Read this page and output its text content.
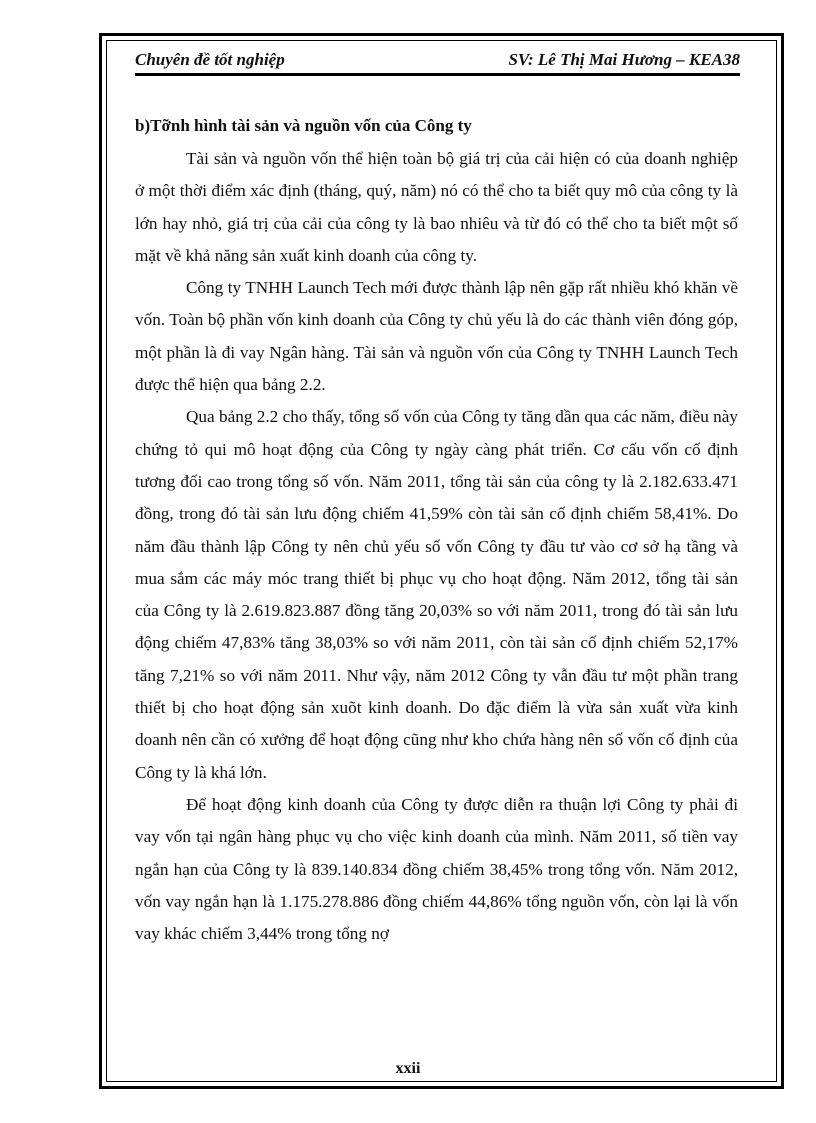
Chuyên đề tốt nghiệp	SV: Lê Thị Mai Hương – KEA38

b)Tỡnh hình tài sản và nguồn vốn của Công ty

Tài sản và nguồn vốn thể hiện toàn bộ giá trị của cải hiện có của doanh nghiệp ở một thời điểm xác định (tháng, quý, năm) nó có thể cho ta biết quy mô của công ty là lớn hay nhỏ, giá trị của cải của công ty là bao nhiêu và từ đó có thể cho ta biết một số mặt về khả năng sản xuất kinh doanh của công ty.

Công ty TNHH Launch Tech mới được thành lập nên gặp rất nhiều khó khăn về vốn. Toàn bộ phần vốn kinh doanh của Công ty chủ yếu là do các thành viên đóng góp, một phần là đi vay Ngân hàng. Tài sản và nguồn vốn của Công ty TNHH Launch Tech được thể hiện qua bảng 2.2.

Qua bảng 2.2 cho thấy, tổng số vốn của Công ty tăng dần qua các năm, điều này chứng tỏ qui mô hoạt động của Công ty ngày càng phát triển. Cơ cấu vốn cố định tương đối cao trong tổng số vốn. Năm 2011, tổng tài sản của công ty là 2.182.633.471 đồng, trong đó tài sản lưu động chiếm 41,59% còn tài sản cố định chiếm 58,41%. Do năm đầu thành lập Công ty nên chủ yếu số vốn Công ty đầu tư vào cơ sở hạ tầng và mua sắm các máy móc trang thiết bị phục vụ cho hoạt động. Năm 2012, tổng tài sản của Công ty là 2.619.823.887 đồng tăng 20,03% so với năm 2011, trong đó tài sản lưu động chiếm 47,83% tăng 38,03% so với năm 2011, còn tài sản cố định chiếm 52,17% tăng 7,21% so với năm 2011. Như vậy, năm 2012 Công ty vẫn đầu tư một phần trang thiết bị cho hoạt động sản xuõt kinh doanh. Do đặc điểm là vừa sản xuất vừa kinh doanh nên cần có xưởng để hoạt động cũng như kho chứa hàng nên số vốn cố định của Công ty là khá lớn.

Để hoạt động kinh doanh của Công ty được diễn ra thuận lợi Công ty phải đi vay vốn tại ngân hàng phục vụ cho việc kinh doanh của mình. Năm 2011, số tiền vay ngắn hạn của Công ty là 839.140.834 đồng chiếm 38,45% trong tổng vốn. Năm 2012, vốn vay ngắn hạn là 1.175.278.886 đồng chiếm 44,86% tổng nguồn vốn, còn lại là vốn vay khác chiếm 3,44% trong tổng nợ

xxii
